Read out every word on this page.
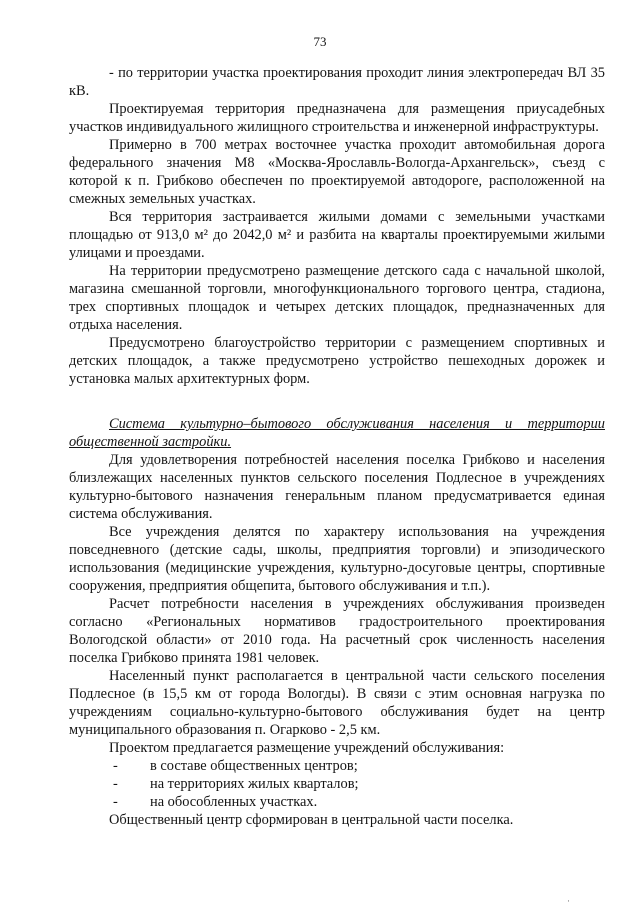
73

- по территории участка проектирования проходит линия электропередач ВЛ 35 кВ.

Проектируемая территория предназначена для размещения приусадебных участков индивидуального жилищного строительства и инженерной инфраструктуры.

Примерно в 700 метрах восточнее участка проходит автомобильная дорога федерального значения М8 «Москва-Ярославль-Вологда-Архангельск», съезд с которой к п. Грибково обеспечен по проектируемой автодороге, расположенной на смежных земельных участках.

Вся территория застраивается жилыми домами с земельными участками площадью от 913,0 м² до 2042,0 м² и разбита на кварталы проектируемыми жилыми улицами и проездами.

На территории предусмотрено размещение детского сада с начальной школой, магазина смешанной торговли, многофункционального торгового центра, стадиона, трех спортивных площадок и четырех детских площадок, предназначенных для отдыха населения.

Предусмотрено благоустройство территории с размещением спортивных и детских площадок, а также предусмотрено устройство пешеходных дорожек и установка малых архитектурных форм.

Система культурно–бытового обслуживания населения и территории общественной застройки.

Для удовлетворения потребностей населения поселка Грибково и населения близлежащих населенных пунктов сельского поселения Подлесное в учреждениях культурно-бытового назначения генеральным планом предусматривается единая система обслуживания.

Все учреждения делятся по характеру использования на учреждения повседневного (детские сады, школы, предприятия торговли) и эпизодического использования (медицинские учреждения, культурно-досуговые центры, спортивные сооружения, предприятия общепита, бытового обслуживания и т.п.).

Расчет потребности населения в учреждениях обслуживания произведен согласно «Региональных нормативов градостроительного проектирования Вологодской области» от 2010 года. На расчетный срок численность населения поселка Грибково принята 1981 человек.

Населенный пункт располагается в центральной части сельского поселения Подлесное (в 15,5 км от города Вологды). В связи с этим основная нагрузка по учреждениям социально-культурно-бытового обслуживания будет на центр муниципального образования п. Огарково - 2,5 км.

Проектом предлагается размещение учреждений обслуживания:

- в составе общественных центров;
- на территориях жилых кварталов;
- на обособленных участках.

Общественный центр сформирован в центральной части поселка.

·
